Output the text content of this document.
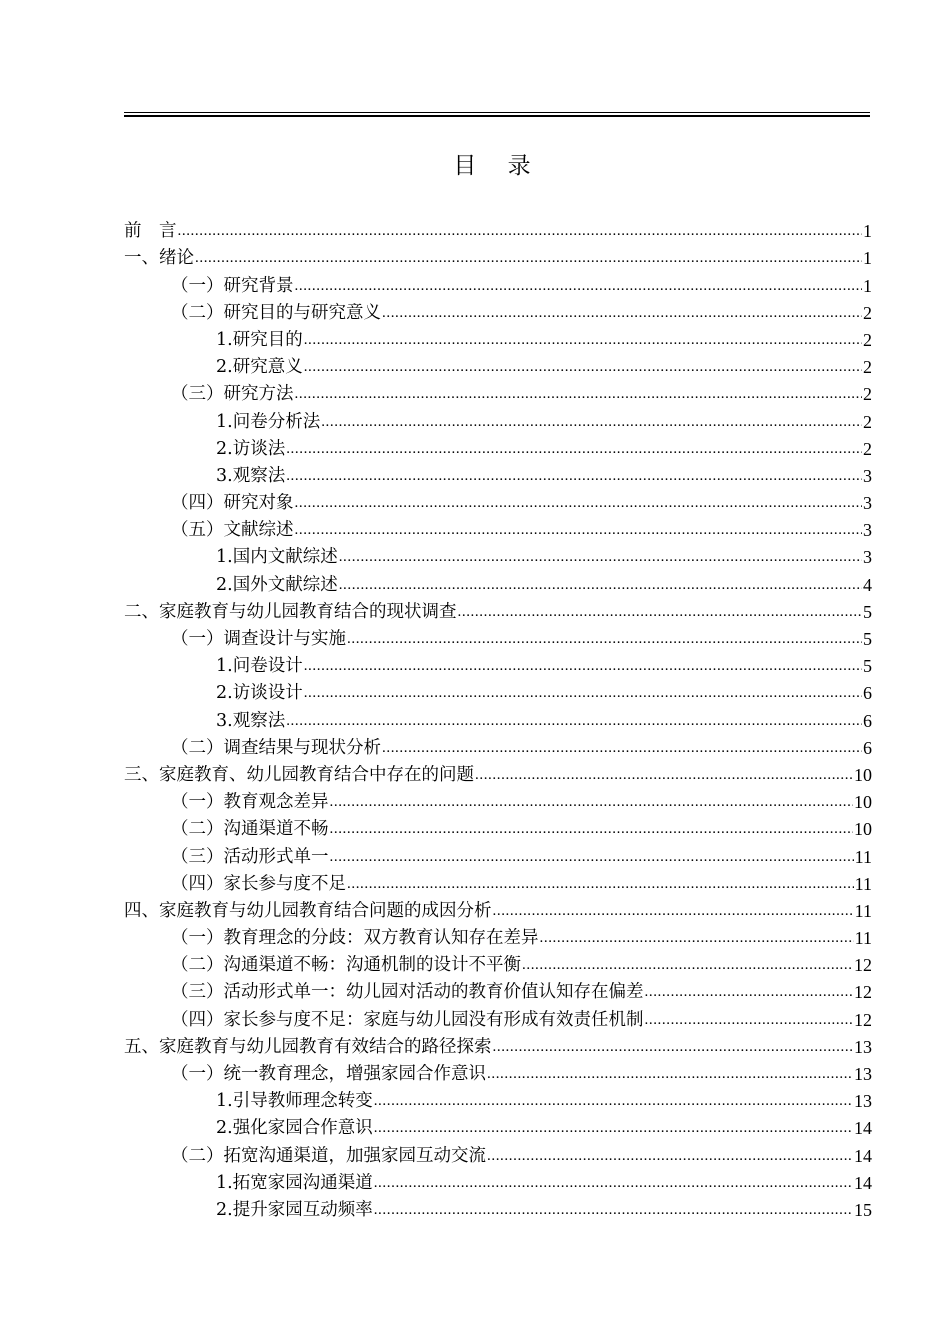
目 录
前　言 .....	1
一、绪论 .....	1
（一）研究背景 .....	1
（二）研究目的与研究意义 .....	2
1.研究目的 .....	2
2.研究意义 .....	2
（三）研究方法 .....	2
1.问卷分析法 .....	2
2.访谈法 .....	2
3.观察法 .....	3
（四）研究对象 .....	3
（五）文献综述 .....	3
1.国内文献综述 .....	3
2.国外文献综述 .....	4
二、家庭教育与幼儿园教育结合的现状调查 .....	5
（一）调查设计与实施 .....	5
1.问卷设计 .....	5
2.访谈设计 .....	6
3.观察法 .....	6
（二）调查结果与现状分析 .....	6
三、家庭教育、幼儿园教育结合中存在的问题 .....	10
（一）教育观念差异 .....	10
（二）沟通渠道不畅 .....	10
（三）活动形式单一 .....	11
（四）家长参与度不足 .....	11
四、家庭教育与幼儿园教育结合问题的成因分析 .....	11
（一）教育理念的分歧：双方教育认知存在差异 .....	11
（二）沟通渠道不畅：沟通机制的设计不平衡 .....	12
（三）活动形式单一：幼儿园对活动的教育价值认知存在偏差 .....	12
（四）家长参与度不足：家庭与幼儿园没有形成有效责任机制 .....	12
五、家庭教育与幼儿园教育有效结合的路径探索 .....	13
（一）统一教育理念，增强家园合作意识 .....	13
1.引导教师理念转变 .....	13
2.强化家园合作意识 .....	14
（二）拓宽沟通渠道，加强家园互动交流 .....	14
1.拓宽家园沟通渠道 .....	14
2.提升家园互动频率 .....	15
